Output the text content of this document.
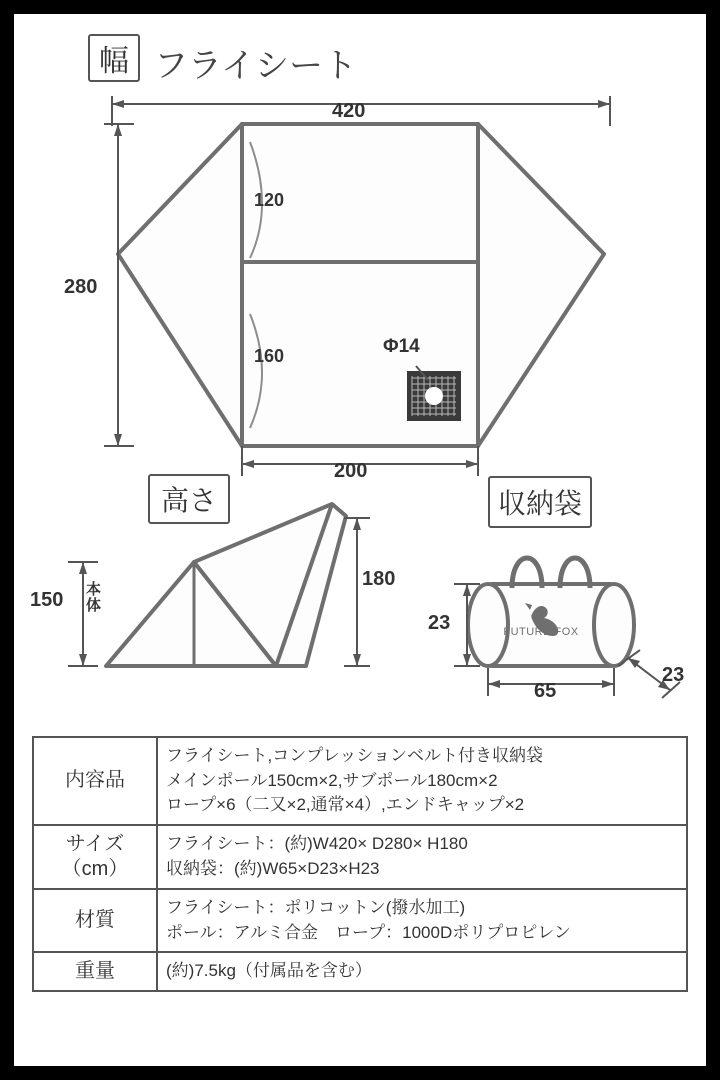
幅 フライシート
420
280
200
120
160	Φ14
高さ
150 本体
180
収納袋
FUTURE FOX
23
65
23
内容品	フライシート,コンプレッションベルト付き収納袋
メインポール150cm×2,サブポール180cm×2
ロープ×6（二又×2,通常×4）,エンドキャップ×2

サイズ
（cm）	フライシート：(約)W420× D280× H180
収納袋：(約)W65×D23×H23

材質	フライシート：ポリコットン(撥水加工)
ポール：アルミ合金　ロープ：1000Dポリプロピレン

重量	(約)7.5kg（付属品を含む）
